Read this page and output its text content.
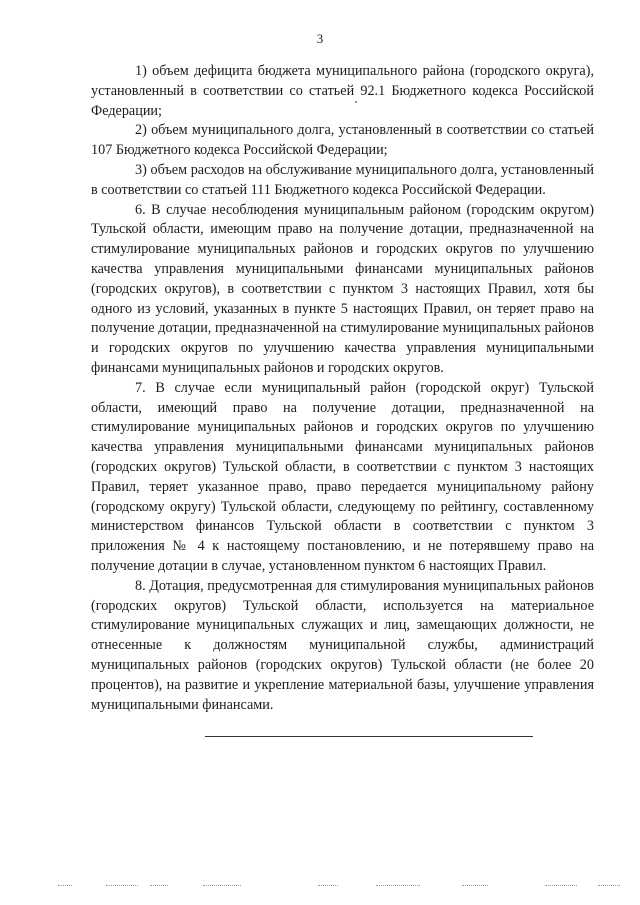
3

1) объем дефицита бюджета муниципального района (городского округа), установленный в соответствии со статьей 92.1 Бюджетного кодекса Российской Федерации;

2) объем муниципального долга, установленный в соответствии со статьей 107 Бюджетного кодекса Российской Федерации;

3) объем расходов на обслуживание муниципального долга, установленный в соответствии со статьей 111 Бюджетного кодекса Российской Федерации.

6. В случае несоблюдения муниципальным районом (городским округом) Тульской области, имеющим право на получение дотации, предназначенной на стимулирование муниципальных районов и городских округов по улучшению качества управления муниципальными финансами муниципальных районов (городских округов), в соответствии с пунктом 3 настоящих Правил, хотя бы одного из условий, указанных в пункте 5 настоящих Правил, он теряет право на получение дотации, предназначенной на стимулирование муниципальных районов и городских округов по улучшению качества управления муниципальными финансами муниципальных районов и городских округов.

7. В случае если муниципальный район (городской округ) Тульской области, имеющий право на получение дотации, предназначенной на стимулирование муниципальных районов и городских округов по улучшению качества управления муниципальными финансами муниципальных районов (городских округов) Тульской области, в соответствии с пунктом 3 настоящих Правил, теряет указанное право, право передается муниципальному району (городскому округу) Тульской области, следующему по рейтингу, составленному министерством финансов Тульской области в соответствии с пунктом 3 приложения № 4 к настоящему постановлению, и не потерявшему право на получение дотации в случае, установленном пунктом 6 настоящих Правил.

8. Дотация, предусмотренная для стимулирования муниципальных районов (городских округов) Тульской области, используется на материальное стимулирование муниципальных служащих и лиц, замещающих должности, не отнесенные к должностям муниципальной службы, администраций муниципальных районов (городских округов) Тульской области (не более 20 процентов), на развитие и укрепление материальной базы, улучшение управления муниципальными финансами.
